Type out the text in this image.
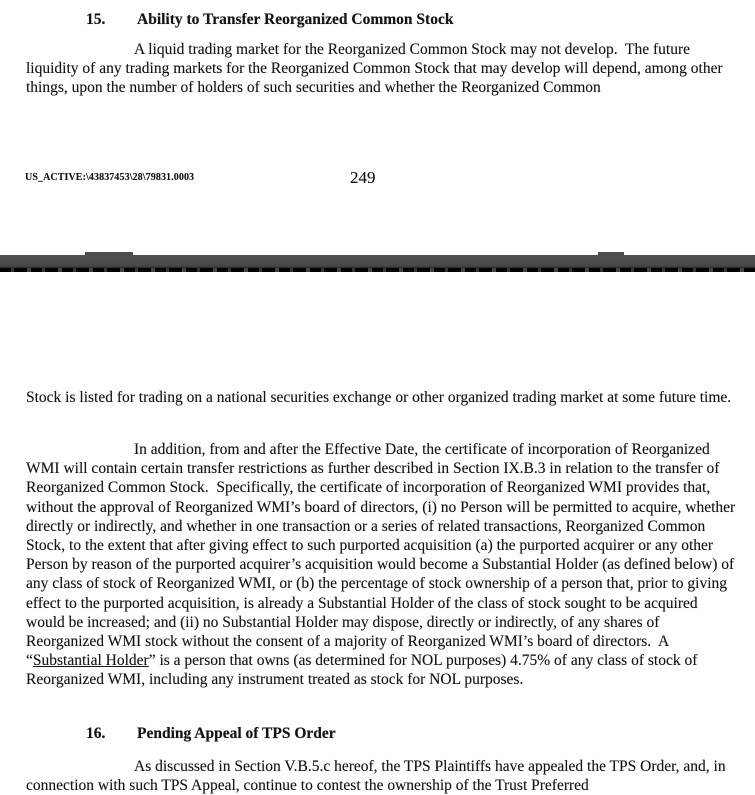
15.	Ability to Transfer Reorganized Common Stock
A liquid trading market for the Reorganized Common Stock may not develop.  The future liquidity of any trading markets for the Reorganized Common Stock that may develop will depend, among other things, upon the number of holders of such securities and whether the Reorganized Common
US_ACTIVE:\43837453\28\79831.0003	249
Stock is listed for trading on a national securities exchange or other organized trading market at some future time.
In addition, from and after the Effective Date, the certificate of incorporation of Reorganized WMI will contain certain transfer restrictions as further described in Section IX.B.3 in relation to the transfer of Reorganized Common Stock.  Specifically, the certificate of incorporation of Reorganized WMI provides that, without the approval of Reorganized WMI’s board of directors, (i) no Person will be permitted to acquire, whether directly or indirectly, and whether in one transaction or a series of related transactions, Reorganized Common Stock, to the extent that after giving effect to such purported acquisition (a) the purported acquirer or any other Person by reason of the purported acquirer’s acquisition would become a Substantial Holder (as defined below) of any class of stock of Reorganized WMI, or (b) the percentage of stock ownership of a person that, prior to giving effect to the purported acquisition, is already a Substantial Holder of the class of stock sought to be acquired would be increased; and (ii) no Substantial Holder may dispose, directly or indirectly, of any shares of Reorganized WMI stock without the consent of a majority of Reorganized WMI’s board of directors.  A “Substantial Holder” is a person that owns (as determined for NOL purposes) 4.75% of any class of stock of Reorganized WMI, including any instrument treated as stock for NOL purposes.
16.	Pending Appeal of TPS Order
As discussed in Section V.B.5.c hereof, the TPS Plaintiffs have appealed the TPS Order, and, in connection with such TPS Appeal, continue to contest the ownership of the Trust Preferred
